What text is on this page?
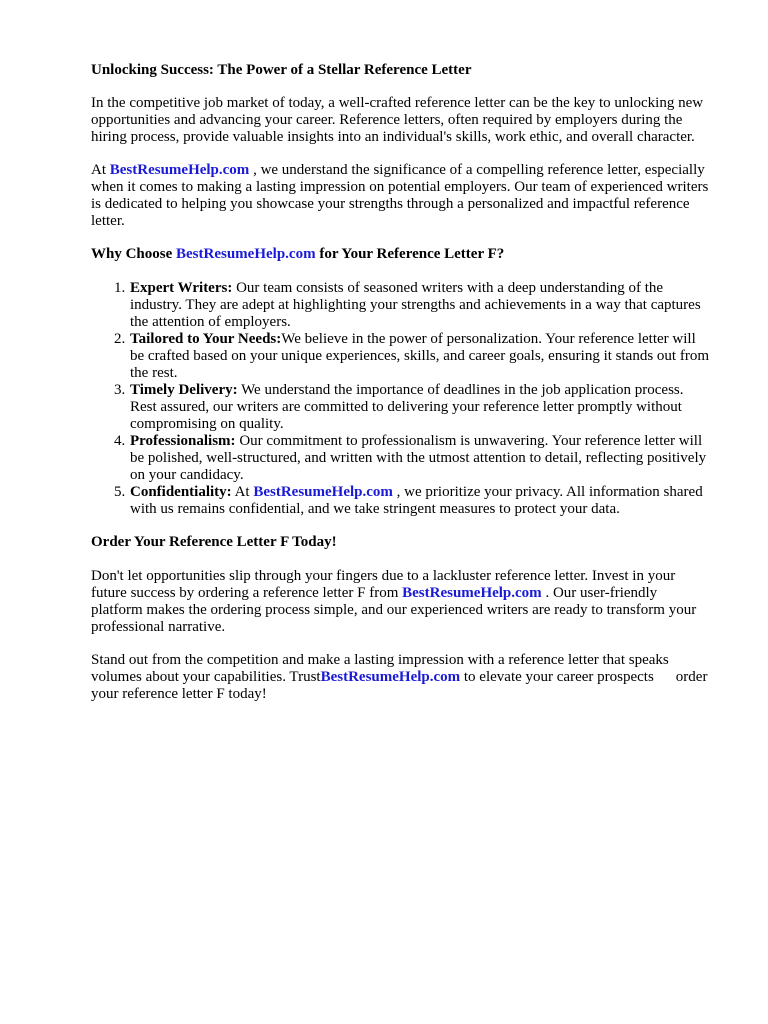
Unlocking Success: The Power of a Stellar Reference Letter

In the competitive job market of today, a well-crafted reference letter can be the key to unlocking new opportunities and advancing your career. Reference letters, often required by employers during the hiring process, provide valuable insights into an individual's skills, work ethic, and overall character.

At BestResumeHelp.com , we understand the significance of a compelling reference letter, especially when it comes to making a lasting impression on potential employers. Our team of experienced writers is dedicated to helping you showcase your strengths through a personalized and impactful reference letter.

Why Choose BestResumeHelp.com for Your Reference Letter F?
1. Expert Writers: Our team consists of seasoned writers with a deep understanding of the industry. They are adept at highlighting your strengths and achievements in a way that captures the attention of employers.
2. Tailored to Your Needs:We believe in the power of personalization. Your reference letter will be crafted based on your unique experiences, skills, and career goals, ensuring it stands out from the rest.
3. Timely Delivery: We understand the importance of deadlines in the job application process. Rest assured, our writers are committed to delivering your reference letter promptly without compromising on quality.
4. Professionalism: Our commitment to professionalism is unwavering. Your reference letter will be polished, well-structured, and written with the utmost attention to detail, reflecting positively on your candidacy.
5. Confidentiality: At BestResumeHelp.com , we prioritize your privacy. All information shared with us remains confidential, and we take stringent measures to protect your data.
Order Your Reference Letter F Today!

Don't let opportunities slip through your fingers due to a lackluster reference letter. Invest in your future success by ordering a reference letter F from BestResumeHelp.com . Our user-friendly platform makes the ordering process simple, and our experienced writers are ready to transform your professional narrative.

Stand out from the competition and make a lasting impression with a reference letter that speaks volumes about your capabilities. TrustBestResumeHelp.com to elevate your career prospects order your reference letter F today!
